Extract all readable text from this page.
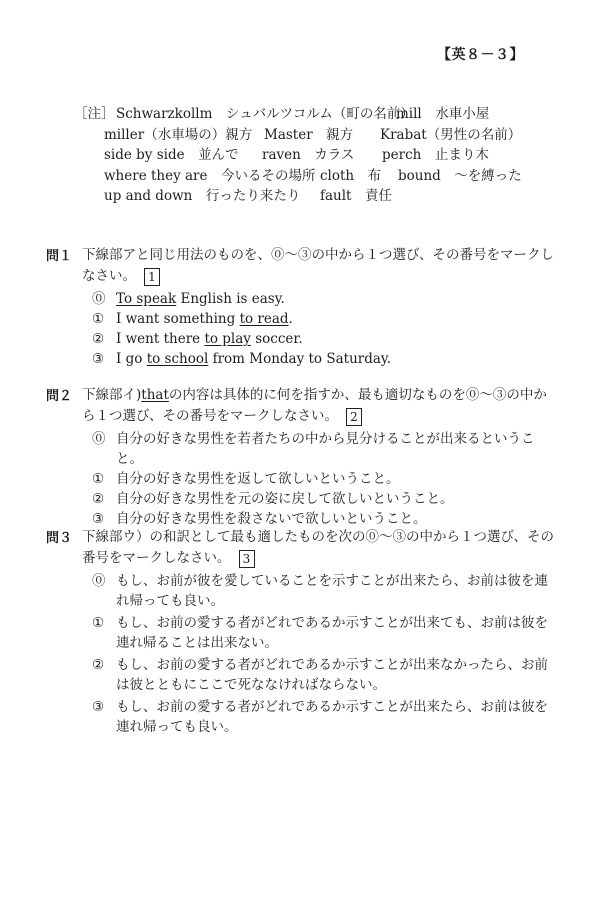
【英８－３】
［注］ Schwarzkollm　シュバルツコルム（町の名前）
mill　水車小屋
miller（水車場の）親方 Master　親方 Krabat（男性の名前）
side by side　並んで raven　カラス perch　止まり木
where they are　今いるその場所 cloth　布 bound　～を縛った
up and down　行ったり来たり fault　責任
問１ 下線部アと同じ用法のものを、⓪～③の中から１つ選び、その番号をマークしなさい。 1
⓪ To speak English is easy.
① I want something to read.
② I went there to play soccer.
③ I go to school from Monday to Saturday.
問２ 下線部イ)thatの内容は具体的に何を指すか、最も適切なものを⓪～③の中から１つ選び、その番号をマークしなさい。 2
⓪ 自分の好きな男性を若者たちの中から見分けることが出来るということ。
① 自分の好きな男性を返して欲しいということ。
② 自分の好きな男性を元の姿に戻して欲しいということ。
③ 自分の好きな男性を殺さないで欲しいということ。
問３ 下線部ウ）の和訳として最も適したものを次の⓪～③の中から１つ選び、その番号をマークしなさい。 3
⓪ もし、お前が彼を愛していることを示すことが出来たら、お前は彼を連れ帰っても良い。
① もし、お前の愛する者がどれであるか示すことが出来ても、お前は彼を連れ帰ることは出来ない。
② もし、お前の愛する者がどれであるか示すことが出来なかったら、お前は彼とともにここで死ななければならない。
③ もし、お前の愛する者がどれであるか示すことが出来たら、お前は彼を連れ帰っても良い。
